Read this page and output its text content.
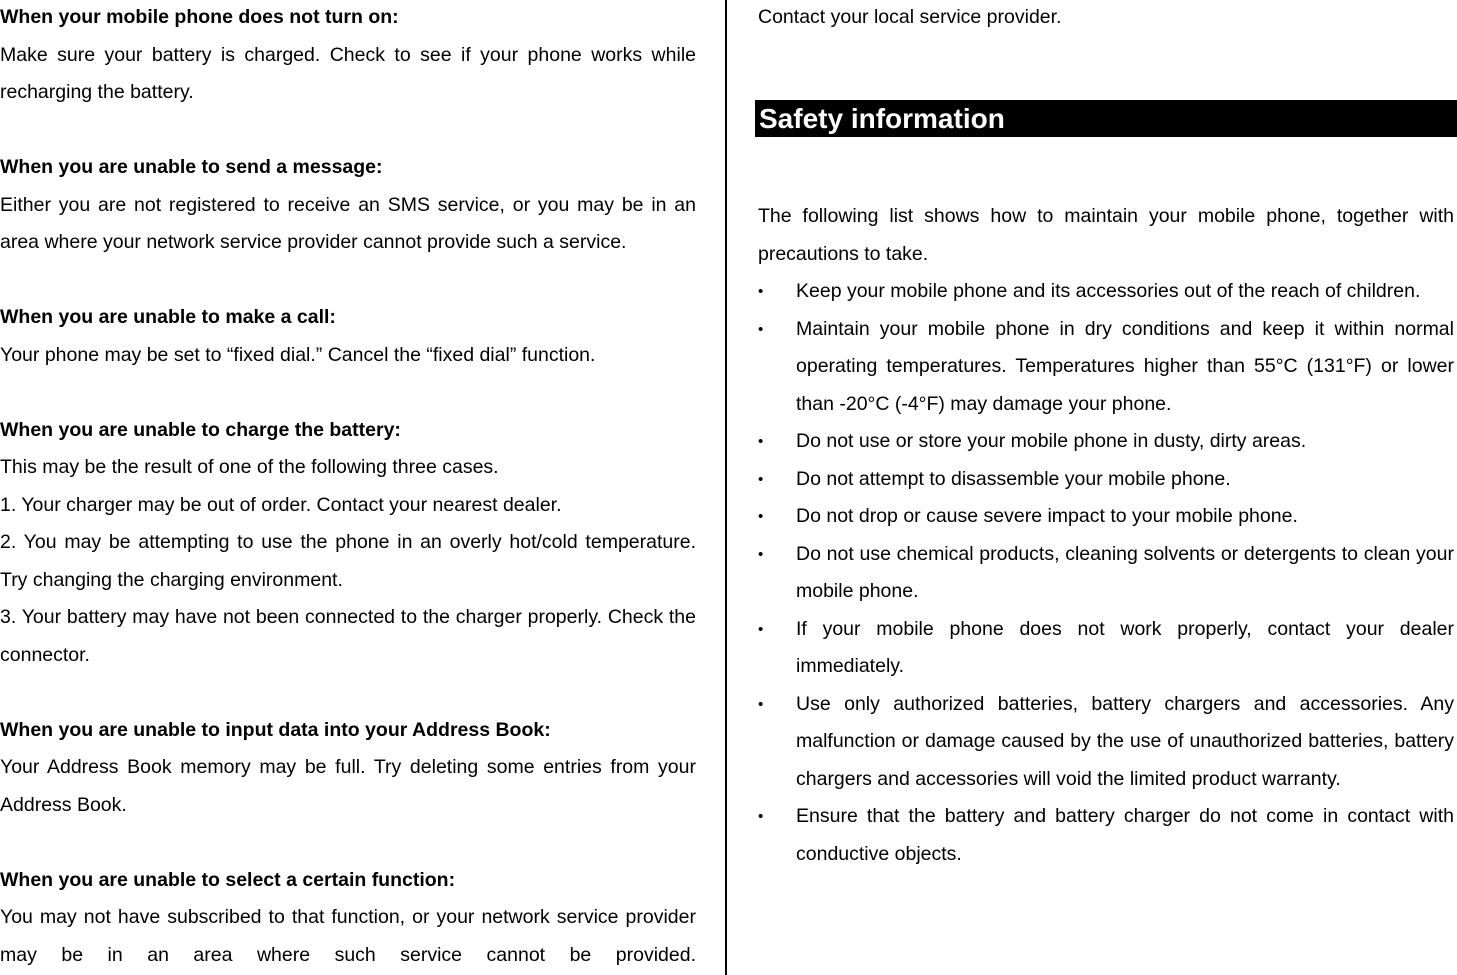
When your mobile phone does not turn on:

Make sure your battery is charged. Check to see if your phone works while recharging the battery.

When you are unable to send a message:

Either you are not registered to receive an SMS service, or you may be in an area where your network service provider cannot provide such a service.

When you are unable to make a call:

Your phone may be set to “fixed dial.” Cancel the “fixed dial” function.

When you are unable to charge the battery:

This may be the result of one of the following three cases.

1. Your charger may be out of order. Contact your nearest dealer.

2. You may be attempting to use the phone in an overly hot/cold temperature. Try changing the charging environment.

3. Your battery may have not been connected to the charger properly. Check the connector.

When you are unable to input data into your Address Book:

Your Address Book memory may be full. Try deleting some entries from your Address Book.

When you are unable to select a certain function:

You may not have subscribed to that function, or your network service provider may be in an area where such service cannot be provided.

Contact your local service provider.

Safety information

The following list shows how to maintain your mobile phone, together with precautions to take.

• Keep your mobile phone and its accessories out of the reach of children.
• Maintain your mobile phone in dry conditions and keep it within normal operating temperatures. Temperatures higher than 55°C (131°F) or lower than -20°C (-4°F) may damage your phone.
• Do not use or store your mobile phone in dusty, dirty areas.
• Do not attempt to disassemble your mobile phone.
• Do not drop or cause severe impact to your mobile phone.
• Do not use chemical products, cleaning solvents or detergents to clean your mobile phone.
• If your mobile phone does not work properly, contact your dealer immediately.
• Use only authorized batteries, battery chargers and accessories. Any malfunction or damage caused by the use of unauthorized batteries, battery chargers and accessories will void the limited product warranty.
• Ensure that the battery and battery charger do not come in contact with conductive objects.
